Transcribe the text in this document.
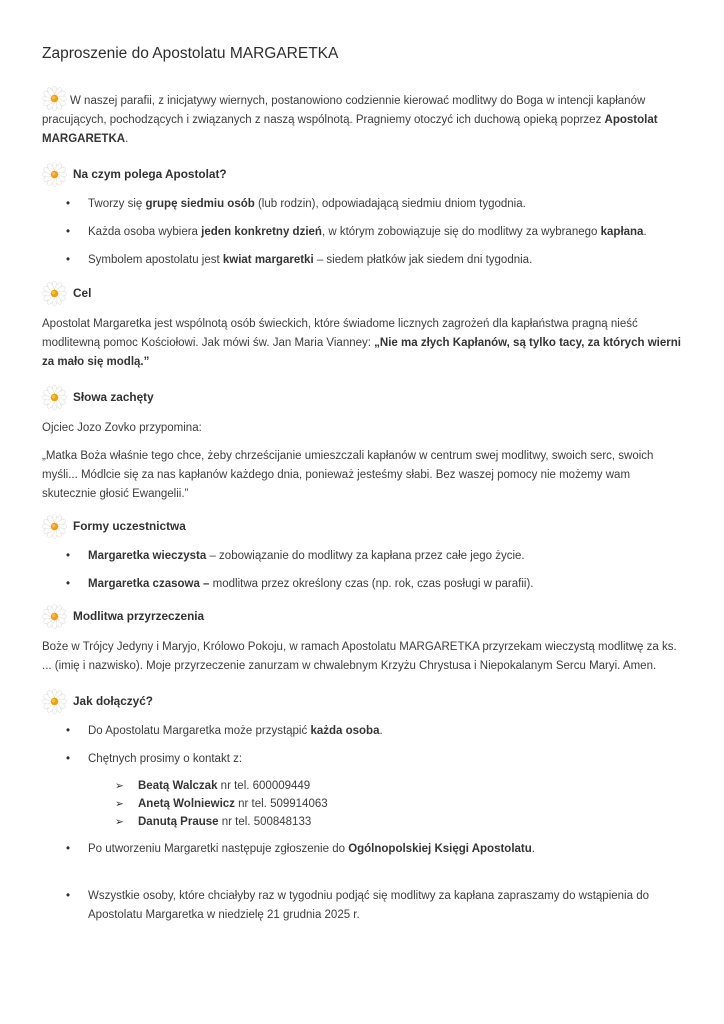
Zaproszenie do Apostolatu MARGARETKA

W naszej parafii, z inicjatywy wiernych, postanowiono codziennie kierować modlitwy do Boga w intencji kapłanów pracujących, pochodzących i związanych z naszą wspólnotą. Pragniemy otoczyć ich duchową opieką poprzez Apostolat MARGARETKA.

Na czym polega Apostolat?
• Tworzy się grupę siedmiu osób (lub rodzin), odpowiadającą siedmiu dniom tygodnia.
• Każda osoba wybiera jeden konkretny dzień, w którym zobowiązuje się do modlitwy za wybranego kapłana.
• Symbolem apostolatu jest kwiat margaretki – siedem płatków jak siedem dni tygodnia.
Cel

Apostolat Margaretka jest wspólnotą osób świeckich, które świadome licznych zagrożeń dla kapłaństwa pragną nieść modlitewną pomoc Kościołowi. Jak mówi św. Jan Maria Vianney: „Nie ma złych Kapłanów, są tylko tacy, za których wierni za mało się modlą.”

Słowa zachęty

Ojciec Jozo Zovko przypomina:

„Matka Boża właśnie tego chce, żeby chrześcijanie umieszczali kapłanów w centrum swej modlitwy, swoich serc, swoich myśli... Módlcie się za nas kapłanów każdego dnia, ponieważ jesteśmy słabi. Bez waszej pomocy nie możemy wam skutecznie głosić Ewangelii.”

Formy uczestnictwa
• Margaretka wieczysta – zobowiązanie do modlitwy za kapłana przez całe jego życie.
• Margaretka czasowa – modlitwa przez określony czas (np. rok, czas posługi w parafii).
Modlitwa przyrzeczenia

Boże w Trójcy Jedyny i Maryjo, Królowo Pokoju, w ramach Apostolatu MARGARETKA przyrzekam wieczystą modlitwę za ks. ... (imię i nazwisko). Moje przyrzeczenie zanurzam w chwalebnym Krzyżu Chrystusa i Niepokalanym Sercu Maryi. Amen.

Jak dołączyć?
• Do Apostolatu Margaretka może przystąpić każda osoba.
• Chętnych prosimy o kontakt z:
➢ Beatą Walczak nr tel. 600009449
➢ Anetą Wolniewicz nr tel. 509914063
➢ Danutą Prause nr tel. 500848133
• Po utworzeniu Margaretki następuje zgłoszenie do Ogólnopolskiej Księgi Apostolatu.
• Wszystkie osoby, które chciałyby raz w tygodniu podjąć się modlitwy za kapłana zapraszamy do wstąpienia do Apostolatu Margaretka w niedzielę 21 grudnia 2025 r.
